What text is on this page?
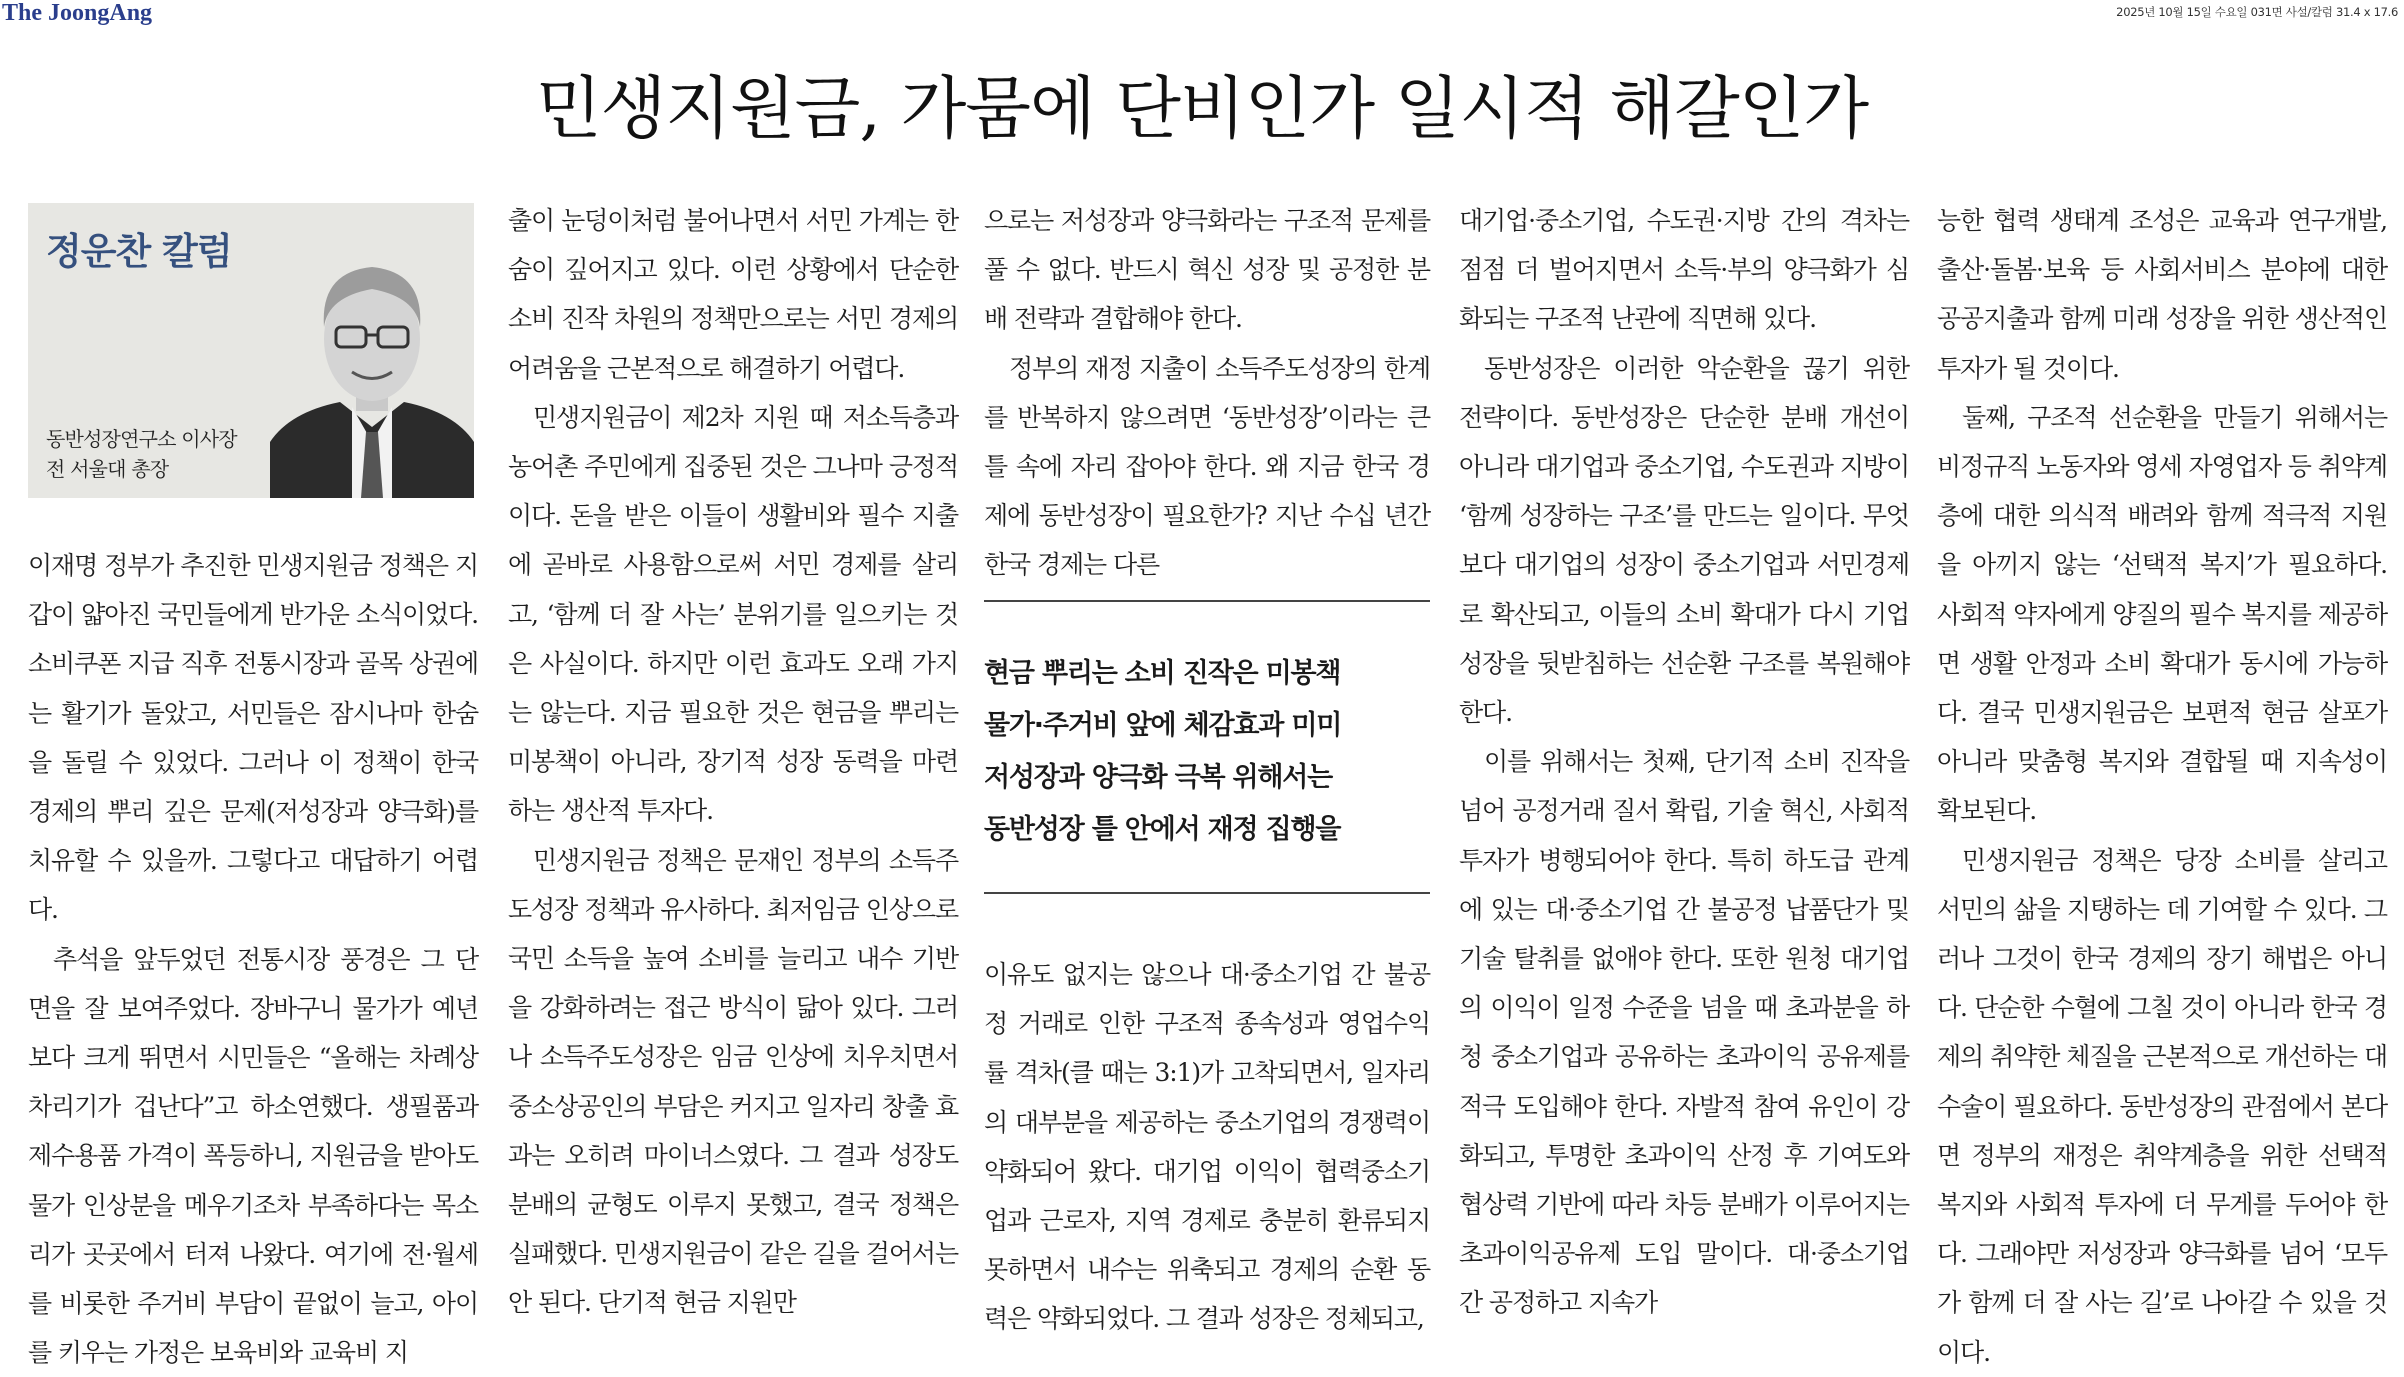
The JoongAng	2025년 10월 15일 수요일 031면 사설/칼럼 31.4 x 17.6
민생지원금, 가뭄에 단비인가 일시적 해갈인가
정운찬 칼럼
동반성장연구소 이사장
전 서울대 총장

이재명 정부가 추진한 민생지원금 정책은 지갑이 얇아진 국민들에게 반가운 소식이었다. 소비쿠폰 지급 직후 전통시장과 골목 상권에는 활기가 돌았고, 서민들은 잠시나마 한숨을 돌릴 수 있었다. 그러나 이 정책이 한국 경제의 뿌리 깊은 문제(저성장과 양극화)를 치유할 수 있을까. 그렇다고 대답하기 어렵다.

추석을 앞두었던 전통시장 풍경은 그 단면을 잘 보여주었다. 장바구니 물가가 예년보다 크게 뛰면서 시민들은 “올해는 차례상 차리기가 겁난다”고 하소연했다. 생필품과 제수용품 가격이 폭등하니, 지원금을 받아도 물가 인상분을 메우기조차 부족하다는 목소리가 곳곳에서 터져 나왔다. 여기에 전·월세를 비롯한 주거비 부담이 끝없이 늘고, 아이를 키우는 가정은 보육비와 교육비 지

출이 눈덩이처럼 불어나면서 서민 가계는 한숨이 깊어지고 있다. 이런 상황에서 단순한 소비 진작 차원의 정책만으로는 서민 경제의 어려움을 근본적으로 해결하기 어렵다.

민생지원금이 제2차 지원 때 저소득층과 농어촌 주민에게 집중된 것은 그나마 긍정적이다. 돈을 받은 이들이 생활비와 필수 지출에 곧바로 사용함으로써 서민 경제를 살리고, ‘함께 더 잘 사는’ 분위기를 일으키는 것은 사실이다. 하지만 이런 효과도 오래 가지는 않는다. 지금 필요한 것은 현금을 뿌리는 미봉책이 아니라, 장기적 성장 동력을 마련하는 생산적 투자다.

민생지원금 정책은 문재인 정부의 소득주도성장 정책과 유사하다. 최저임금 인상으로 국민 소득을 높여 소비를 늘리고 내수 기반을 강화하려는 접근 방식이 닮아 있다. 그러나 소득주도성장은 임금 인상에 치우치면서 중소상공인의 부담은 커지고 일자리 창출 효과는 오히려 마이너스였다. 그 결과 성장도 분배의 균형도 이루지 못했고, 결국 정책은 실패했다. 민생지원금이 같은 길을 걸어서는 안 된다. 단기적 현금 지원만

으로는 저성장과 양극화라는 구조적 문제를 풀 수 없다. 반드시 혁신 성장 및 공정한 분배 전략과 결합해야 한다.

정부의 재정 지출이 소득주도성장의 한계를 반복하지 않으려면 ‘동반성장’이라는 큰 틀 속에 자리 잡아야 한다. 왜 지금 한국 경제에 동반성장이 필요한가? 지난 수십 년간 한국 경제는 다른

현금 뿌리는 소비 진작은 미봉책
물가·주거비 앞에 체감효과 미미
저성장과 양극화 극복 위해서는
동반성장 틀 안에서 재정 집행을

이유도 없지는 않으나 대·중소기업 간 불공정 거래로 인한 구조적 종속성과 영업수익률 격차(클 때는 3:1)가 고착되면서, 일자리의 대부분을 제공하는 중소기업의 경쟁력이 약화되어 왔다. 대기업 이익이 협력중소기업과 근로자, 지역 경제로 충분히 환류되지 못하면서 내수는 위축되고 경제의 순환 동력은 약화되었다. 그 결과 성장은 정체되고,

대기업·중소기업, 수도권·지방 간의 격차는 점점 더 벌어지면서 소득·부의 양극화가 심화되는 구조적 난관에 직면해 있다.

동반성장은 이러한 악순환을 끊기 위한 전략이다. 동반성장은 단순한 분배 개선이 아니라 대기업과 중소기업, 수도권과 지방이 ‘함께 성장하는 구조’를 만드는 일이다. 무엇보다 대기업의 성장이 중소기업과 서민경제로 확산되고, 이들의 소비 확대가 다시 기업 성장을 뒷받침하는 선순환 구조를 복원해야 한다.

이를 위해서는 첫째, 단기적 소비 진작을 넘어 공정거래 질서 확립, 기술 혁신, 사회적 투자가 병행되어야 한다. 특히 하도급 관계에 있는 대·중소기업 간 불공정 납품단가 및 기술 탈취를 없애야 한다. 또한 원청 대기업의 이익이 일정 수준을 넘을 때 초과분을 하청 중소기업과 공유하는 초과이익 공유제를 적극 도입해야 한다. 자발적 참여 유인이 강화되고, 투명한 초과이익 산정 후 기여도와 협상력 기반에 따라 차등 분배가 이루어지는 초과이익공유제 도입 말이다. 대·중소기업 간 공정하고 지속가

능한 협력 생태계 조성은 교육과 연구개발, 출산·돌봄·보육 등 사회서비스 분야에 대한 공공지출과 함께 미래 성장을 위한 생산적인 투자가 될 것이다.

둘째, 구조적 선순환을 만들기 위해서는 비정규직 노동자와 영세 자영업자 등 취약계층에 대한 의식적 배려와 함께 적극적 지원을 아끼지 않는 ‘선택적 복지’가 필요하다. 사회적 약자에게 양질의 필수 복지를 제공하면 생활 안정과 소비 확대가 동시에 가능하다. 결국 민생지원금은 보편적 현금 살포가 아니라 맞춤형 복지와 결합될 때 지속성이 확보된다.

민생지원금 정책은 당장 소비를 살리고 서민의 삶을 지탱하는 데 기여할 수 있다. 그러나 그것이 한국 경제의 장기 해법은 아니다. 단순한 수혈에 그칠 것이 아니라 한국 경제의 취약한 체질을 근본적으로 개선하는 대수술이 필요하다. 동반성장의 관점에서 본다면 정부의 재정은 취약계층을 위한 선택적 복지와 사회적 투자에 더 무게를 두어야 한다. 그래야만 저성장과 양극화를 넘어 ‘모두가 함께 더 잘 사는 길’로 나아갈 수 있을 것이다.
